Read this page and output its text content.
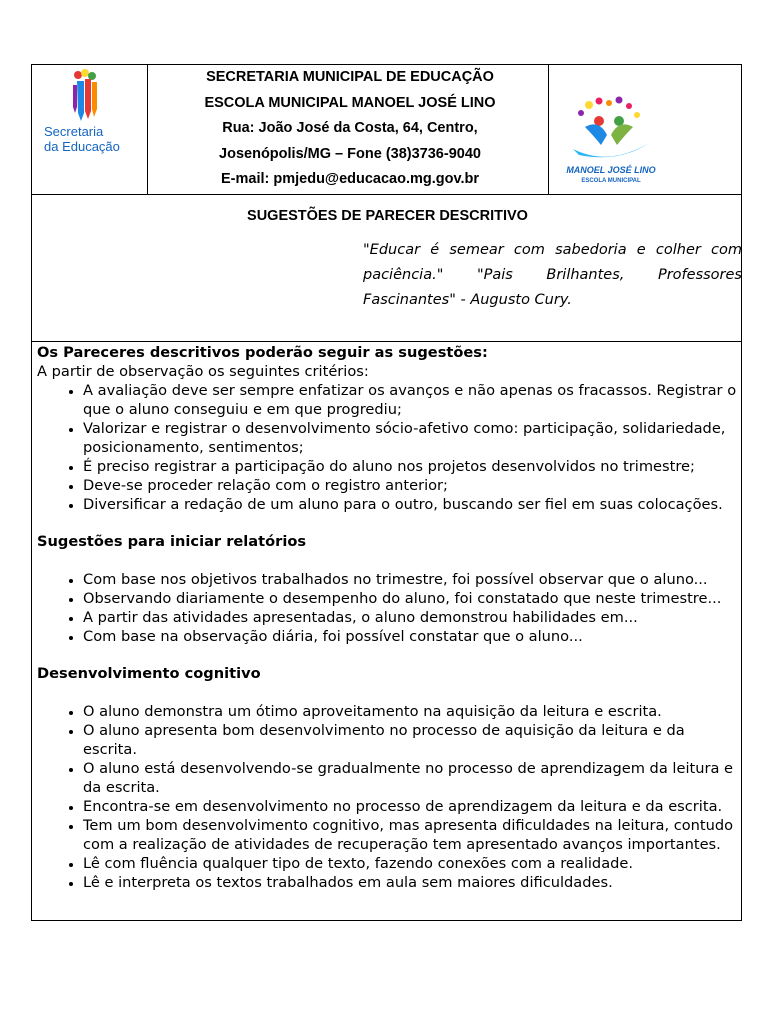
Secretaria
da Educação
SECRETARIA MUNICIPAL DE EDUCAÇÃO
ESCOLA MUNICIPAL MANOEL JOSÉ LINO
Rua: João José da Costa, 64, Centro,
Josenópolis/MG – Fone (38)3736-9040
E-mail: pmjedu@educacao.mg.gov.br
MANOEL JOSÉ LINO
ESCOLA MUNICIPAL
SUGESTÕES DE PARECER DESCRITIVO
"Educar é semear com sabedoria e colher com paciência." "Pais Brilhantes, Professores Fascinantes" - Augusto Cury.
Os Pareceres descritivos poderão seguir as sugestões:
A partir de observação os seguintes critérios:
• A avaliação deve ser sempre enfatizar os avanços e não apenas os fracassos. Registrar o que o aluno conseguiu e em que progrediu;
• Valorizar e registrar o desenvolvimento sócio-afetivo como: participação, solidariedade, posicionamento, sentimentos;
• É preciso registrar a participação do aluno nos projetos desenvolvidos no trimestre;
• Deve-se proceder relação com o registro anterior;
• Diversificar a redação de um aluno para o outro, buscando ser fiel em suas colocações.
Sugestões para iniciar relatórios
• Com base nos objetivos trabalhados no trimestre, foi possível observar que o aluno...
• Observando diariamente o desempenho do aluno, foi constatado que neste trimestre...
• A partir das atividades apresentadas, o aluno demonstrou habilidades em...
• Com base na observação diária, foi possível constatar que o aluno...
Desenvolvimento cognitivo
• O aluno demonstra um ótimo aproveitamento na aquisição da leitura e escrita.
• O aluno apresenta bom desenvolvimento no processo de aquisição da leitura e da escrita.
• O aluno está desenvolvendo-se gradualmente no processo de aprendizagem da leitura e da escrita.
• Encontra-se em desenvolvimento no processo de aprendizagem da leitura e da escrita.
• Tem um bom desenvolvimento cognitivo, mas apresenta dificuldades na leitura, contudo com a realização de atividades de recuperação tem apresentado avanços importantes.
• Lê com fluência qualquer tipo de texto, fazendo conexões com a realidade.
• Lê e interpreta os textos trabalhados em aula sem maiores dificuldades.
